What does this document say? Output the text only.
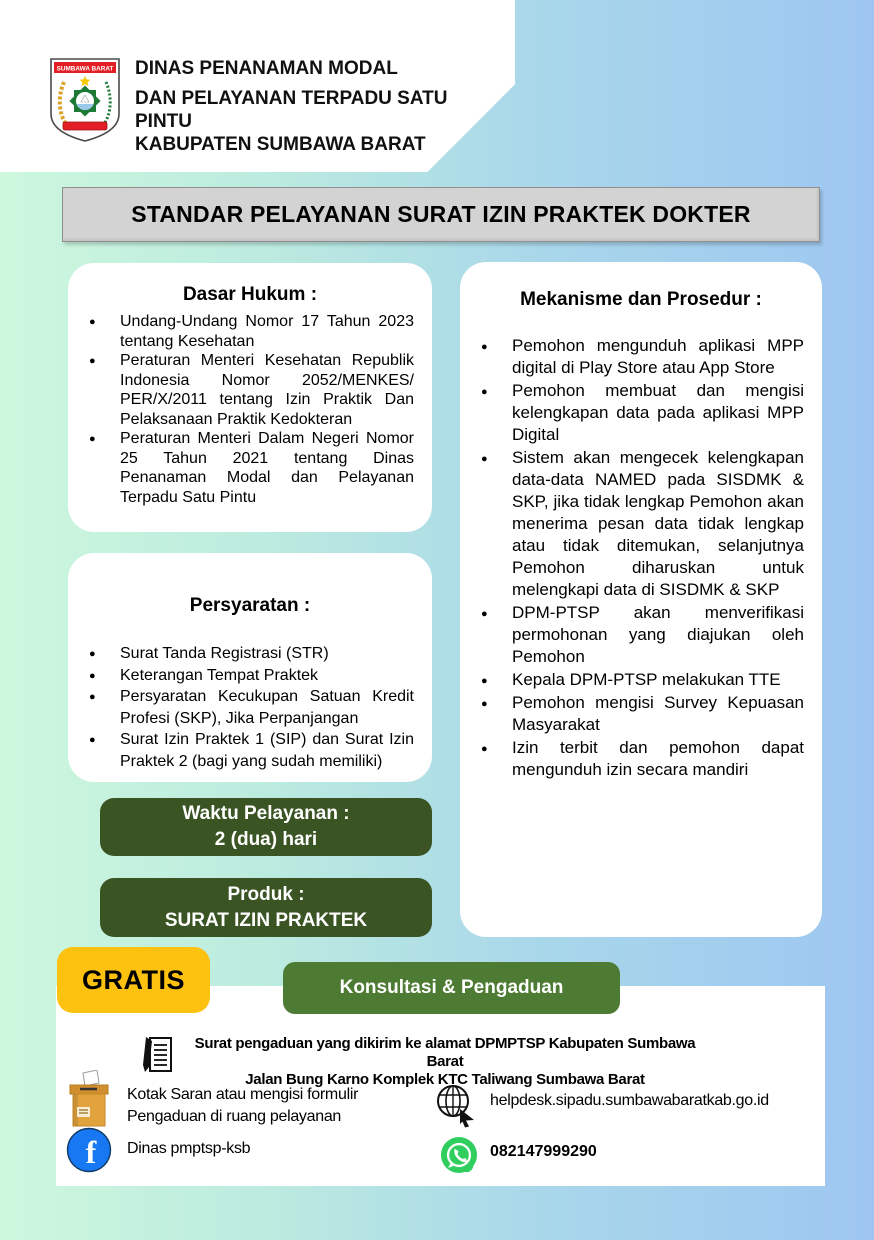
SUMBAWA BARAT DINAS PENANAMAN MODAL
DAN PELAYANAN TERPADU SATU PINTU
KABUPATEN SUMBAWA BARAT
STANDAR PELAYANAN SURAT IZIN PRAKTEK DOKTER
Dasar Hukum :
● Undang-Undang Nomor 17 Tahun 2023 tentang Kesehatan
● Peraturan Menteri Kesehatan Republik Indonesia Nomor 2052/MENKES/ PER/X/2011 tentang Izin Praktik Dan Pelaksanaan Praktik Kedokteran
● Peraturan Menteri Dalam Negeri Nomor 25 Tahun 2021 tentang Dinas Penanaman Modal dan Pelayanan Terpadu Satu Pintu
Persyaratan :
● Surat Tanda Registrasi (STR)
● Keterangan Tempat Praktek
● Persyaratan Kecukupan Satuan Kredit Profesi (SKP), Jika Perpanjangan
● Surat Izin Praktek 1 (SIP) dan Surat Izin Praktek 2 (bagi yang sudah memiliki)
Mekanisme dan Prosedur :
● Pemohon mengunduh aplikasi MPP digital di Play Store atau App Store
● Pemohon membuat dan mengisi kelengkapan data pada aplikasi MPP Digital
● Sistem akan mengecek kelengkapan data-data NAMED pada SISDMK & SKP, jika tidak lengkap Pemohon akan menerima pesan data tidak lengkap atau tidak ditemukan, selanjutnya Pemohon diharuskan untuk melengkapi data di SISDMK & SKP
● DPM-PTSP akan menverifikasi permohonan yang diajukan oleh Pemohon
● Kepala DPM-PTSP melakukan TTE
● Pemohon mengisi Survey Kepuasan Masyarakat
● Izin terbit dan pemohon dapat mengunduh izin secara mandiri
Waktu Pelayanan :
2 (dua) hari
Produk :
SURAT IZIN PRAKTEK
GRATIS	Konsultasi & Pengaduan
Surat pengaduan yang dikirim ke alamat DPMPTSP Kabupaten Sumbawa Barat
Jalan Bung Karno Komplek KTC Taliwang Sumbawa Barat
Kotak Saran atau mengisi formulir
Pengaduan di ruang pelayanan
helpdesk.sipadu.sumbawabaratkab.go.id
f Dinas pmptsp-ksb	082147999290
